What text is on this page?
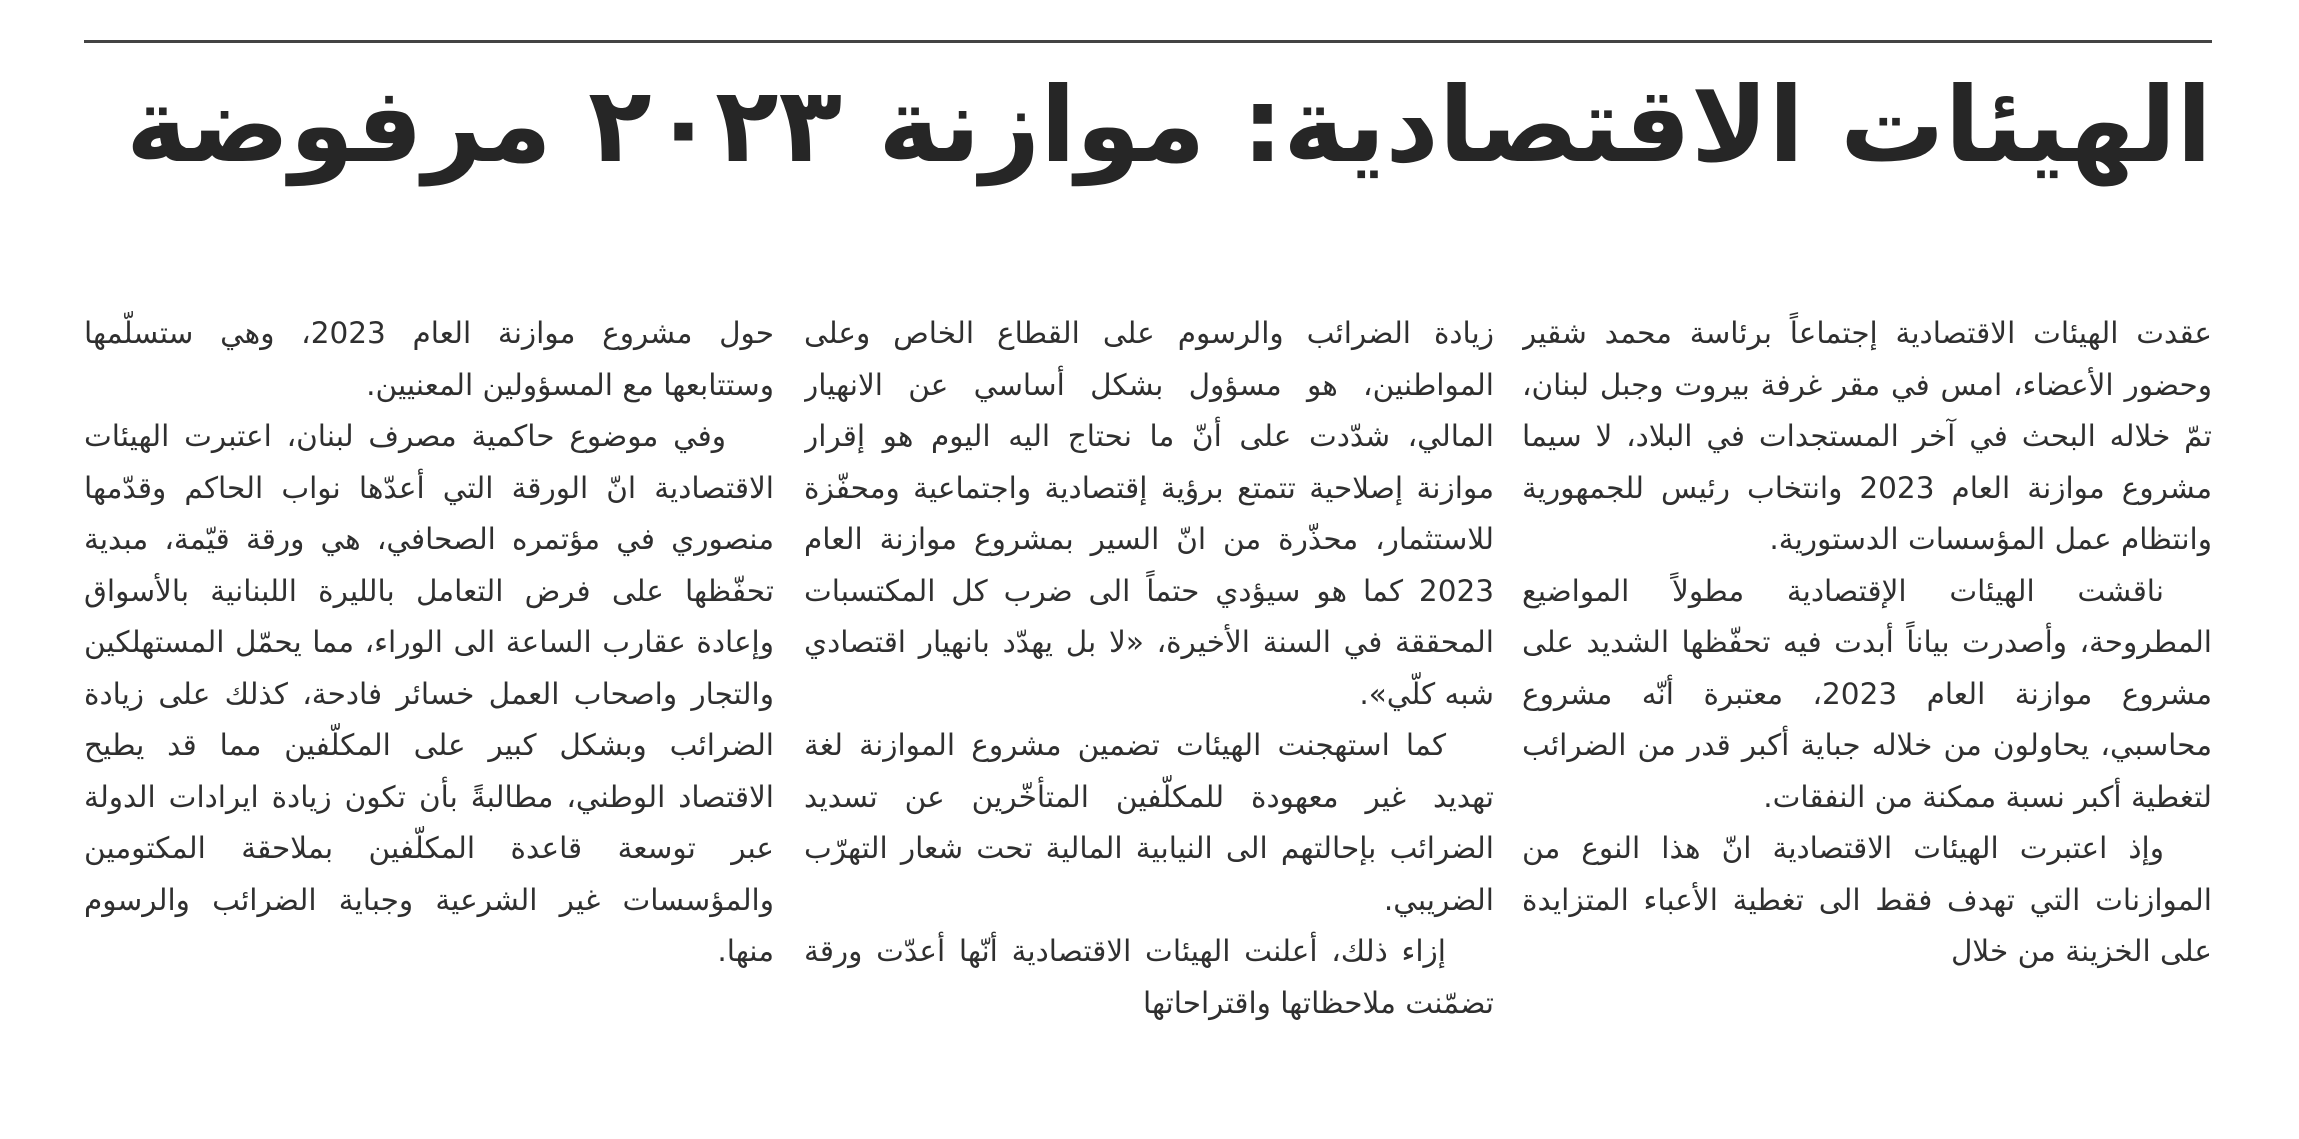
الهيئات الاقتصادية: موازنة ٢٠٢٣ مرفوضة

عقدت الهيئات الاقتصادية إجتماعاً برئاسة محمد شقير وحضور الأعضاء، امس في مقر غرفة بيروت وجبل لبنان، تمّ خلاله البحث في آخر المستجدات في البلاد، لا سيما مشروع موازنة العام 2023 وانتخاب رئيس للجمهورية وانتظام عمل المؤسسات الدستورية.

ناقشت الهيئات الإقتصادية مطولاً المواضيع المطروحة، وأصدرت بياناً أبدت فيه تحفّظها الشديد على مشروع موازنة العام 2023، معتبرة أنّه مشروع محاسبي، يحاولون من خلاله جباية أكبر قدر من الضرائب لتغطية أكبر نسبة ممكنة من النفقات.

وإذ اعتبرت الهيئات الاقتصادية انّ هذا النوع من الموازنات التي تهدف فقط الى تغطية الأعباء المتزايدة على الخزينة من خلال

زيادة الضرائب والرسوم على القطاع الخاص وعلى المواطنين، هو مسؤول بشكل أساسي عن الانهيار المالي، شدّدت على أنّ ما نحتاج اليه اليوم هو إقرار موازنة إصلاحية تتمتع برؤية إقتصادية واجتماعية ومحفّزة للاستثمار، محذّرة من انّ السير بمشروع موازنة العام 2023 كما هو سيؤدي حتماً الى ضرب كل المكتسبات المحققة في السنة الأخيرة، «لا بل يهدّد بانهيار اقتصادي شبه كلّي».

كما استهجنت الهيئات تضمين مشروع الموازنة لغة تهديد غير معهودة للمكلّفين المتأخّرين عن تسديد الضرائب بإحالتهم الى النيابية المالية تحت شعار التهرّب الضريبي.

إزاء ذلك، أعلنت الهيئات الاقتصادية أنّها أعدّت ورقة تضمّنت ملاحظاتها واقتراحاتها

حول مشروع موازنة العام 2023، وهي ستسلّمها وستتابعها مع المسؤولين المعنيين.

وفي موضوع حاكمية مصرف لبنان، اعتبرت الهيئات الاقتصادية انّ الورقة التي أعدّها نواب الحاكم وقدّمها منصوري في مؤتمره الصحافي، هي ورقة قيّمة، مبدية تحفّظها على فرض التعامل بالليرة اللبنانية بالأسواق وإعادة عقارب الساعة الى الوراء، مما يحمّل المستهلكين والتجار واصحاب العمل خسائر فادحة، كذلك على زيادة الضرائب وبشكل كبير على المكلّفين مما قد يطيح الاقتصاد الوطني، مطالبةً بأن تكون زيادة ايرادات الدولة عبر توسعة قاعدة المكلّفين بملاحقة المكتومين والمؤسسات غير الشرعية وجباية الضرائب والرسوم منها.
